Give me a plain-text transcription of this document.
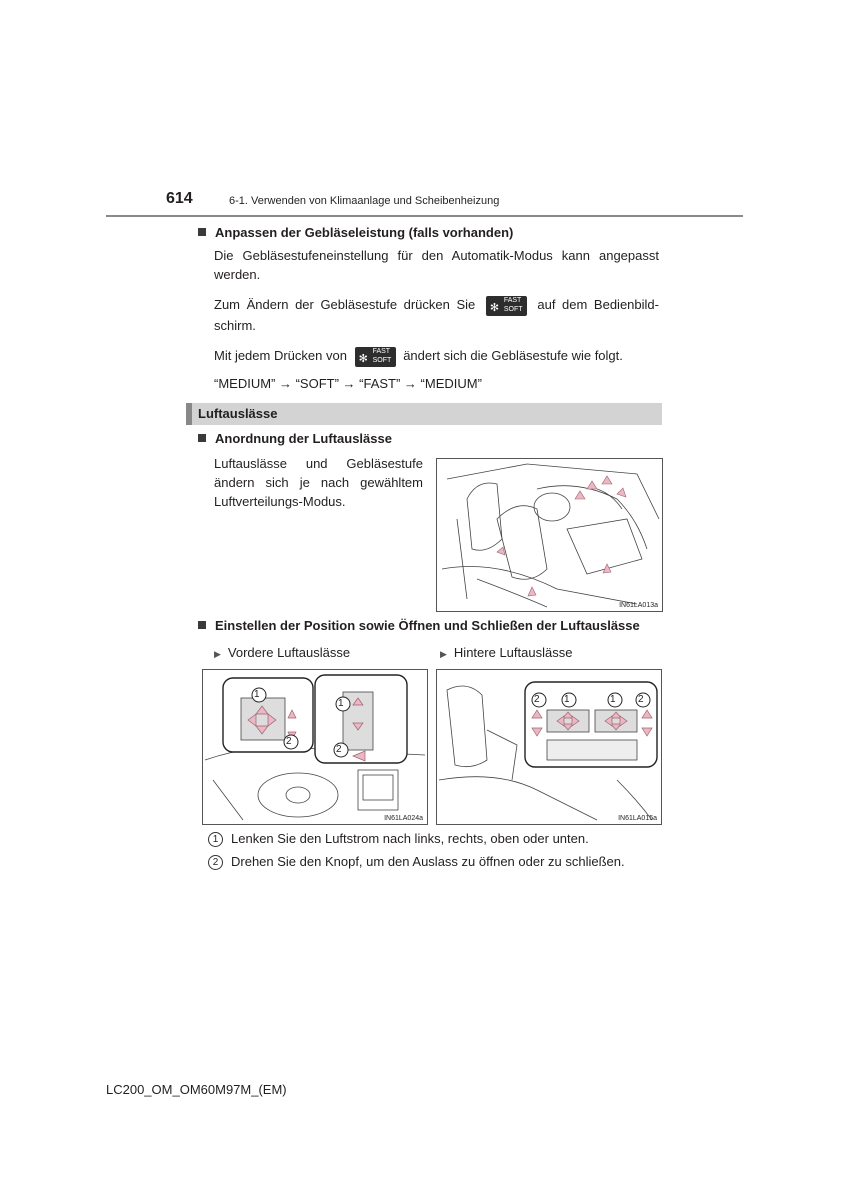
614	6-1. Verwenden von Klimaanlage und Scheibenheizung
Anpassen der Gebläseleistung (falls vorhanden)
Die Gebläsestufeneinstellung für den Automatik-Modus kann angepasst werden.
Zum Ändern der Gebläsestufe drücken Sie ✻
FAST
SOFT auf dem Bedienbild-schirm.
Mit jedem Drücken von ✻
FAST
SOFT ändert sich die Gebläsestufe wie folgt.
“MEDIUM” → “SOFT” → “FAST” → “MEDIUM”
Luftauslässe
Anordnung der Luftauslässe
Luftauslässe und Gebläsestufe ändern sich je nach gewähltem Luftverteilungs-Modus.
IN61LA013a
Einstellen der Position sowie Öffnen und Schließen der Luftauslässe
▶ Vordere Luftauslässe	▶ Hintere Luftauslässe
1
2
1
2
IN61LA024a
2 1	1 2
IN61LA015a
1 Lenken Sie den Luftstrom nach links, rechts, oben oder unten.
2 Drehen Sie den Knopf, um den Auslass zu öffnen oder zu schließen.
LC200_OM_OM60M97M_(EM)
